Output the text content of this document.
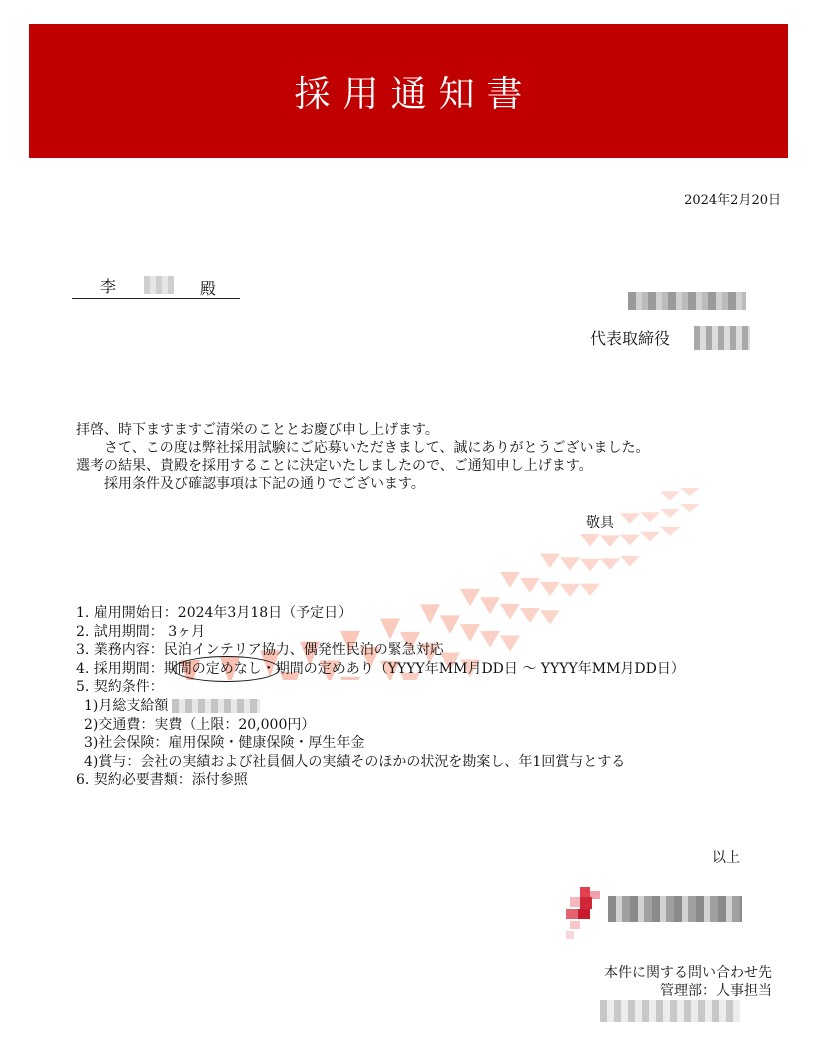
採用通知書
2024年2月20日
李	殿
代表取締役
拝啓、時下ますますご清栄のこととお慶び申し上げます。
さて、この度は弊社採用試験にご応募いただきまして、誠にありがとうございました。
選考の結果、貴殿を採用することに決定いたしましたので、ご通知申し上げます。
採用条件及び確認事項は下記の通りでございます。
敬具
1. 雇用開始日：2024年3月18日（予定日）
2. 試用期間： 3ヶ月
3. 業務内容：民泊インテリア協力、偶発性民泊の緊急対応
4. 採用期間：期間の定めなし・期間の定めあり（YYYY年MM月DD日 ～ YYYY年MM月DD日）
5. 契約条件：
1)月総支給額
2)交通費：実費（上限：20,000円）
3)社会保険：雇用保険・健康保険・厚生年金
4)賞与：会社の実績および社員個人の実績そのほかの状況を勘案し、年1回賞与とする
6. 契約必要書類：添付参照
以上
本件に関する問い合わせ先
管理部：人事担当
